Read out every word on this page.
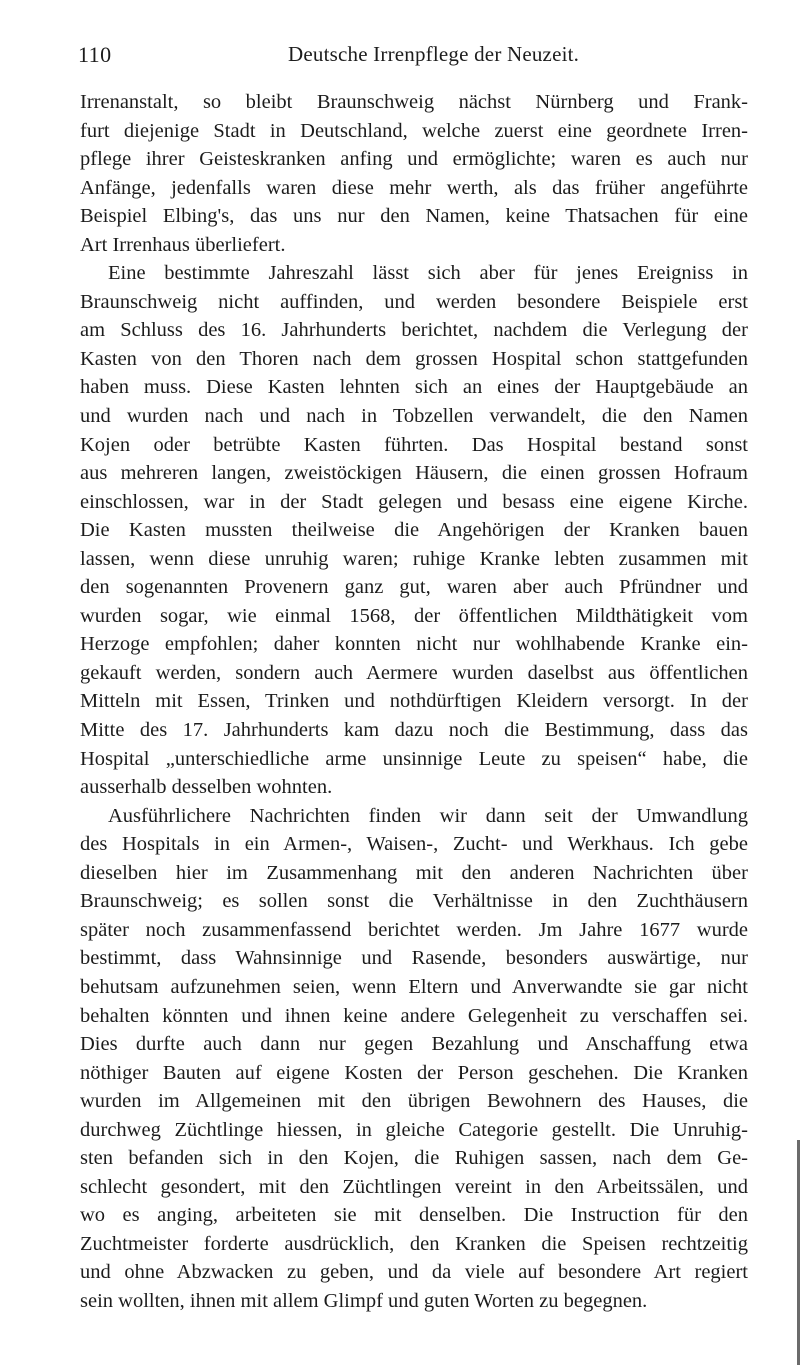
110	Deutsche Irrenpflege der Neuzeit.
Irrenanstalt, so bleibt Braunschweig nächst Nürnberg und Frank-
furt diejenige Stadt in Deutschland, welche zuerst eine geordnete Irren-
pflege ihrer Geisteskranken anfing und ermöglichte; waren es auch nur
Anfänge, jedenfalls waren diese mehr werth, als das früher angeführte
Beispiel Elbing's, das uns nur den Namen, keine Thatsachen für eine
Art Irrenhaus überliefert.
Eine bestimmte Jahreszahl lässt sich aber für jenes Ereigniss in
Braunschweig nicht auffinden, und werden besondere Beispiele erst
am Schluss des 16. Jahrhunderts berichtet, nachdem die Verlegung der
Kasten von den Thoren nach dem grossen Hospital schon stattgefunden
haben muss. Diese Kasten lehnten sich an eines der Hauptgebäude an
und wurden nach und nach in Tobzellen verwandelt, die den Namen
Kojen oder betrübte Kasten führten. Das Hospital bestand sonst
aus mehreren langen, zweistöckigen Häusern, die einen grossen Hofraum
einschlossen, war in der Stadt gelegen und besass eine eigene Kirche.
Die Kasten mussten theilweise die Angehörigen der Kranken bauen
lassen, wenn diese unruhig waren; ruhige Kranke lebten zusammen mit
den sogenannten Provenern ganz gut, waren aber auch Pfründner und
wurden sogar, wie einmal 1568, der öffentlichen Mildthätigkeit vom
Herzoge empfohlen; daher konnten nicht nur wohlhabende Kranke ein-
gekauft werden, sondern auch Aermere wurden daselbst aus öffentlichen
Mitteln mit Essen, Trinken und nothdürftigen Kleidern versorgt. In der
Mitte des 17. Jahrhunderts kam dazu noch die Bestimmung, dass das
Hospital „unterschiedliche arme unsinnige Leute zu speisen“ habe, die
ausserhalb desselben wohnten.
Ausführlichere Nachrichten finden wir dann seit der Umwandlung
des Hospitals in ein Armen-, Waisen-, Zucht- und Werkhaus. Ich gebe
dieselben hier im Zusammenhang mit den anderen Nachrichten über
Braunschweig; es sollen sonst die Verhältnisse in den Zuchthäusern
später noch zusammenfassend berichtet werden. Jm Jahre 1677 wurde
bestimmt, dass Wahnsinnige und Rasende, besonders auswärtige, nur
behutsam aufzunehmen seien, wenn Eltern und Anverwandte sie gar nicht
behalten könnten und ihnen keine andere Gelegenheit zu verschaffen sei.
Dies durfte auch dann nur gegen Bezahlung und Anschaffung etwa
nöthiger Bauten auf eigene Kosten der Person geschehen. Die Kranken
wurden im Allgemeinen mit den übrigen Bewohnern des Hauses, die
durchweg Züchtlinge hiessen, in gleiche Categorie gestellt. Die Unruhig-
sten befanden sich in den Kojen, die Ruhigen sassen, nach dem Ge-
schlecht gesondert, mit den Züchtlingen vereint in den Arbeitssälen, und
wo es anging, arbeiteten sie mit denselben. Die Instruction für den
Zuchtmeister forderte ausdrücklich, den Kranken die Speisen rechtzeitig
und ohne Abzwacken zu geben, und da viele auf besondere Art regiert
sein wollten, ihnen mit allem Glimpf und guten Worten zu begegnen.
